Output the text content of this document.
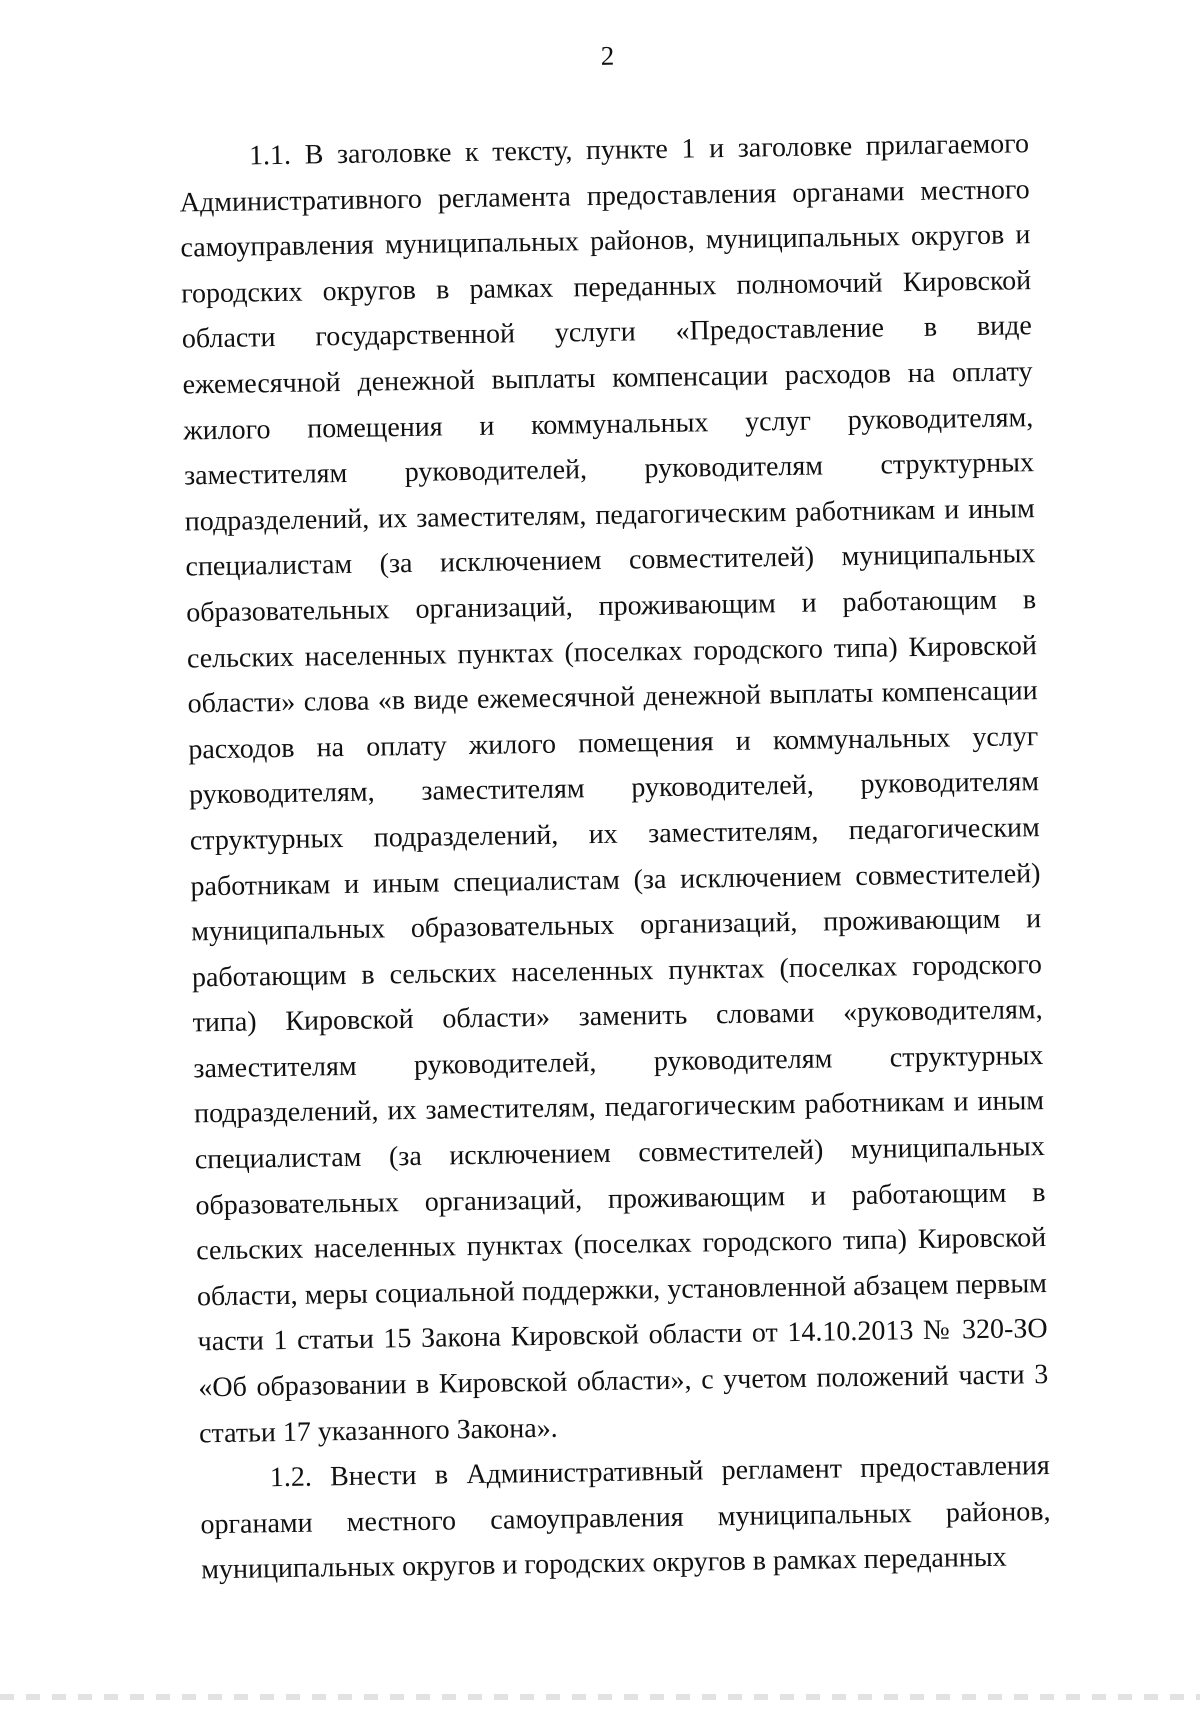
2

1.1. В заголовке к тексту, пункте 1 и заголовке прилагаемого Административного регламента предоставления органами местного самоуправления муниципальных районов, муниципальных округов и городских округов в рамках переданных полномочий Кировской области государственной услуги «Предоставление в виде ежемесячной денежной выплаты компенсации расходов на оплату жилого помещения и коммунальных услуг руководителям, заместителям руководителей, руководителям структурных подразделений, их заместителям, педагогическим работникам и иным специалистам (за исключением совместителей) муниципальных образовательных организаций, проживающим и работающим в сельских населенных пунктах (поселках городского типа) Кировской области» слова «в виде ежемесячной денежной выплаты компенсации расходов на оплату жилого помещения и коммунальных услуг руководителям, заместителям руководителей, руководителям структурных подразделений, их заместителям, педагогическим работникам и иным специалистам (за исключением совместителей) муниципальных образовательных организаций, проживающим и работающим в сельских населенных пунктах (поселках городского типа) Кировской области» заменить словами «руководителям, заместителям руководителей, руководителям структурных подразделений, их заместителям, педагогическим работникам и иным специалистам (за исключением совместителей) муниципальных образовательных организаций, проживающим и работающим в сельских населенных пунктах (поселках городского типа) Кировской области, меры социальной поддержки, установленной абзацем первым части 1 статьи 15 Закона Кировской области от 14.10.2013 № 320-ЗО «Об образовании в Кировской области», с учетом положений части 3 статьи 17 указанного Закона».

1.2. Внести в Административный регламент предоставления органами местного самоуправления муниципальных районов, муниципальных округов и городских округов в рамках переданных
